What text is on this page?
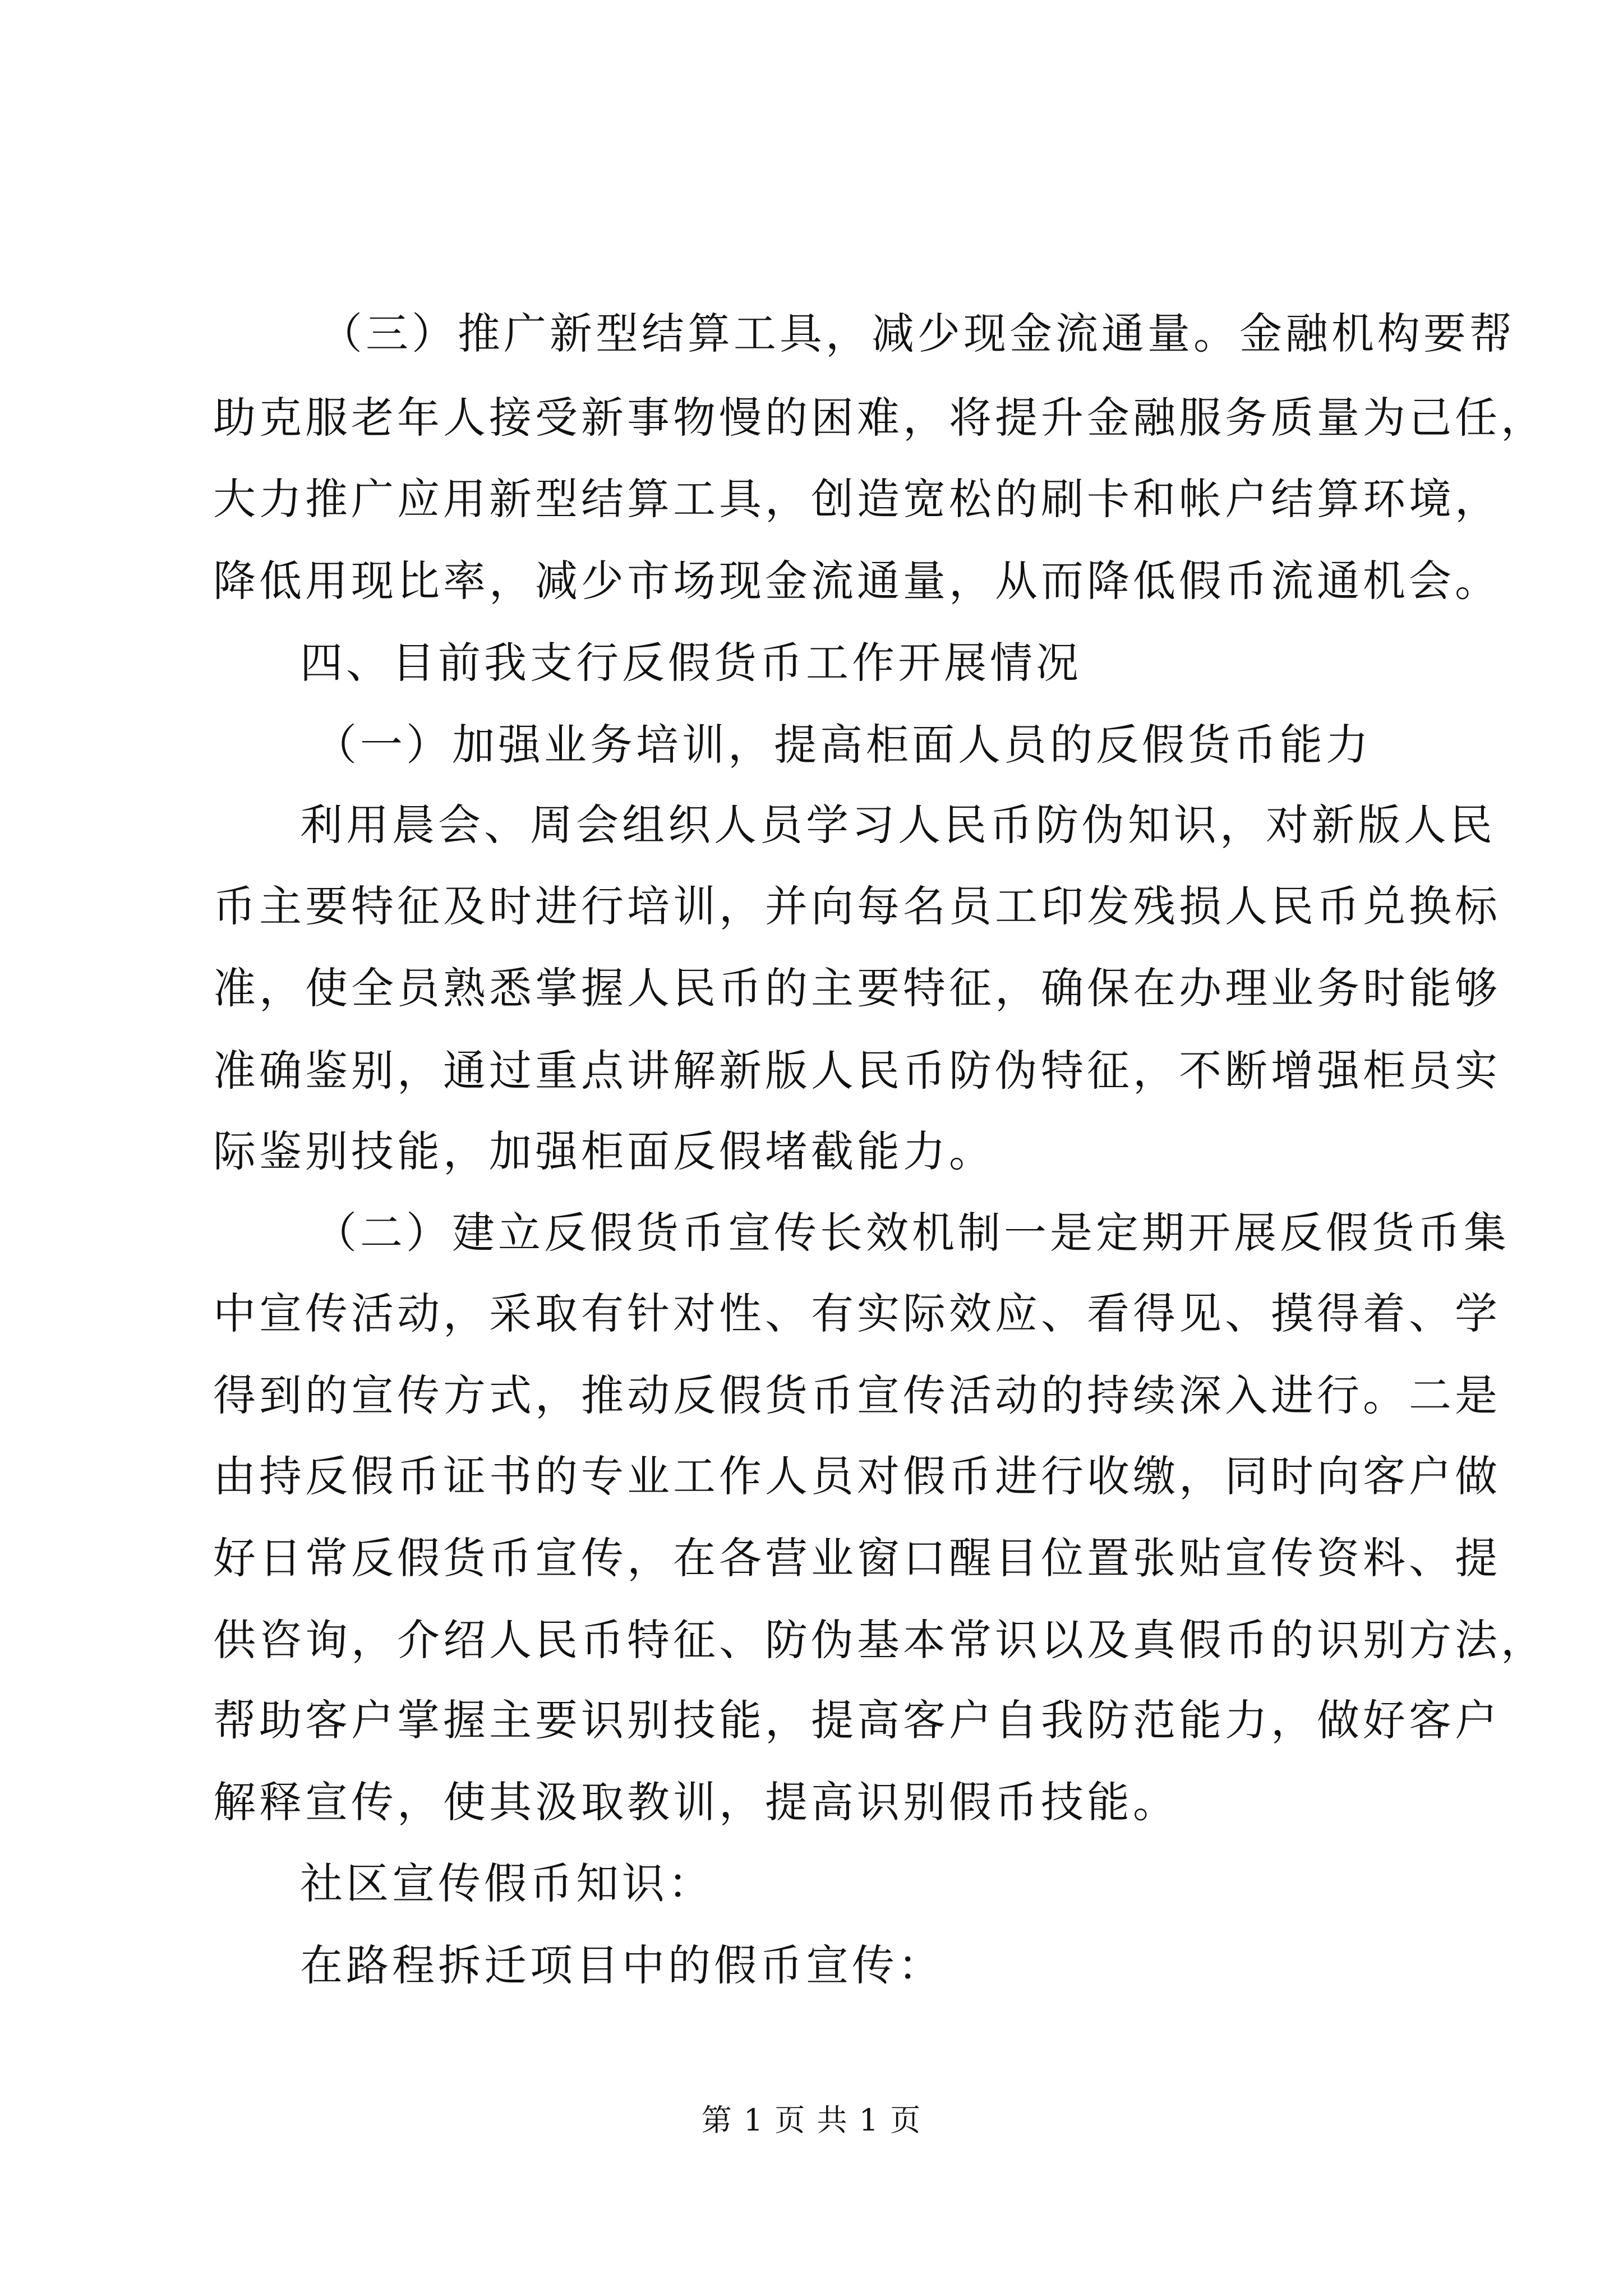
（三）推广新型结算工具，减少现金流通量。金融机构要帮
助克服老年人接受新事物慢的困难，将提升金融服务质量为己任，
大力推广应用新型结算工具，创造宽松的刷卡和帐户结算环境，
降低用现比率，减少市场现金流通量，从而降低假币流通机会。
四、目前我支行反假货币工作开展情况
（一）加强业务培训，提高柜面人员的反假货币能力
利用晨会、周会组织人员学习人民币防伪知识，对新版人民
币主要特征及时进行培训，并向每名员工印发残损人民币兑换标
准，使全员熟悉掌握人民币的主要特征，确保在办理业务时能够
准确鉴别，通过重点讲解新版人民币防伪特征，不断增强柜员实
际鉴别技能，加强柜面反假堵截能力。
（二）建立反假货币宣传长效机制一是定期开展反假货币集
中宣传活动，采取有针对性、有实际效应、看得见、摸得着、学
得到的宣传方式，推动反假货币宣传活动的持续深入进行。二是
由持反假币证书的专业工作人员对假币进行收缴，同时向客户做
好日常反假货币宣传，在各营业窗口醒目位置张贴宣传资料、提
供咨询，介绍人民币特征、防伪基本常识以及真假币的识别方法，
帮助客户掌握主要识别技能，提高客户自我防范能力，做好客户
解释宣传，使其汲取教训，提高识别假币技能。
社区宣传假币知识：
在路程拆迁项目中的假币宣传：
第 1 页 共 1 页
